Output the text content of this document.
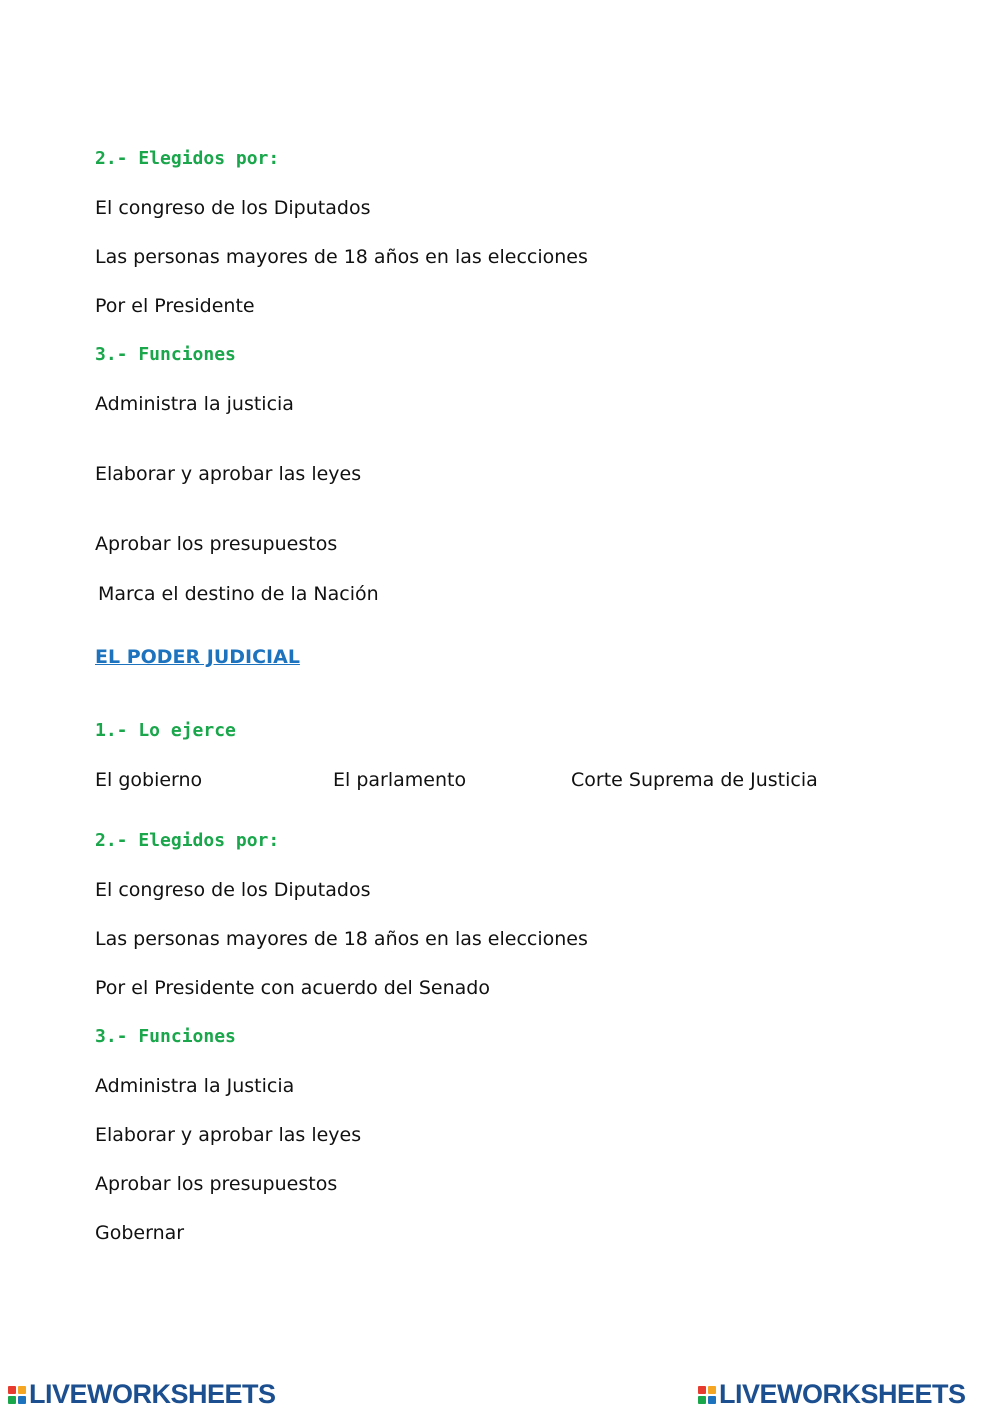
2.- Elegidos por:
El congreso de los Diputados
Las personas mayores de 18 años en las elecciones
Por el Presidente
3.- Funciones
Administra la justicia
Elaborar y aprobar las leyes
Aprobar los presupuestos
Marca el destino de la Nación
EL PODER JUDICIAL
1.- Lo ejerce
El gobierno	El parlamento	Corte Suprema de Justicia
2.- Elegidos por:
El congreso de los Diputados
Las personas mayores de 18 años en las elecciones
Por el Presidente con acuerdo del Senado
3.- Funciones
Administra la Justicia
Elaborar y aprobar las leyes
Aprobar los presupuestos
Gobernar
LIVEWORKSHEETS	LIVEWORKSHEETS
